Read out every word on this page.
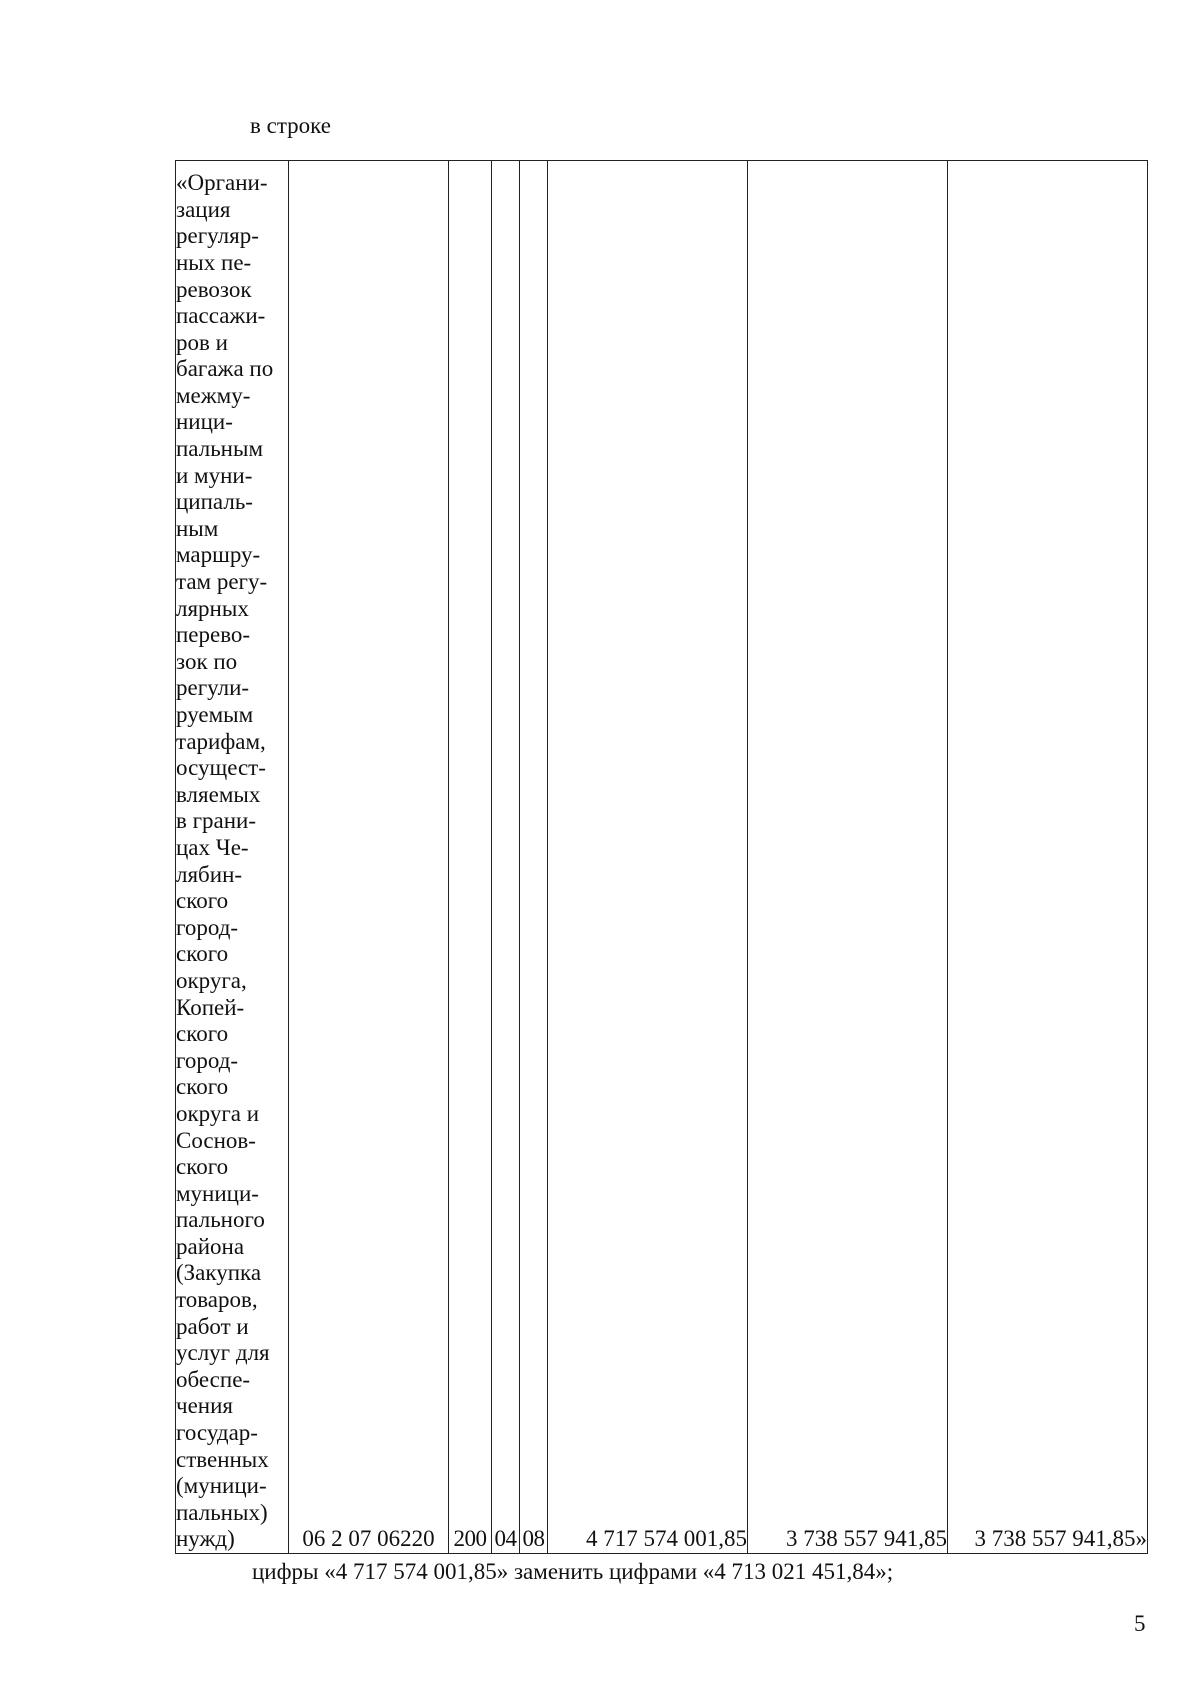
в строке
«Органи-
зация
регуляр-
ных пе-
ревозок
пассажи-
ров и
багажа по
межму-
ници-
пальным
и муни-
ципаль-
ным
маршру-
там регу-
лярных
перево-
зок по
регули-
руемым
тарифам,
осущест-
вляемых
в грани-
цах Че-
лябин-
ского
город-
ского
округа,
Копей-
ского
город-
ского
округа и
Соснов-
ского
муници-
пального
района
(Закупка
товаров,
работ и
услуг для
обеспе-
чения
государ-
ственных
(муници-
пальных)
нужд)	06 2 07 06220	200	04	08	4 717 574 001,85	3 738 557 941,85	3 738 557 941,85»
цифры «4 717 574 001,85» заменить цифрами «4 713 021 451,84»;
5
